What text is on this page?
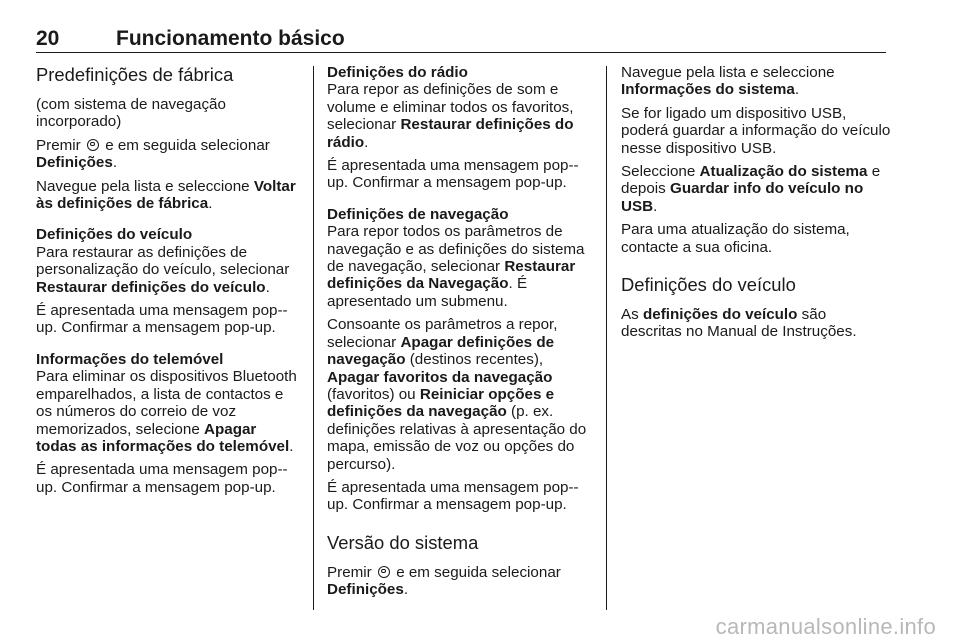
20	Funcionamento básico

Predefinições de fábrica

(com sistema de navegação incorporado)

Premir e em seguida selecionar Definições.

Navegue pela lista e seleccione Voltar às definições de fábrica.

Definições do veículo

Para restaurar as definições de personalização do veículo, selecionar Restaurar definições do veículo.

É apresentada uma mensagem pop--up. Confirmar a mensagem pop-up.

Informações do telemóvel

Para eliminar os dispositivos Bluetooth emparelhados, a lista de contactos e os números do correio de voz memorizados, selecione Apagar todas as informações do telemóvel.

É apresentada uma mensagem pop--up. Confirmar a mensagem pop-up.

Definições do rádio

Para repor as definições de som e volume e eliminar todos os favoritos, selecionar Restaurar definições do rádio.

É apresentada uma mensagem pop--up. Confirmar a mensagem pop-up.

Definições de navegação

Para repor todos os parâmetros de navegação e as definições do sistema de navegação, selecionar Restaurar definições da Navegação. É apresentado um submenu.

Consoante os parâmetros a repor, selecionar Apagar definições de navegação (destinos recentes), Apagar favoritos da navegação (favoritos) ou Reiniciar opções e definições da navegação (p. ex. definições relativas à apresentação do mapa, emissão de voz ou opções do percurso).

É apresentada uma mensagem pop--up. Confirmar a mensagem pop-up.

Versão do sistema

Premir e em seguida selecionar Definições.

Navegue pela lista e seleccione Informações do sistema.

Se for ligado um dispositivo USB, poderá guardar a informação do veículo nesse dispositivo USB.

Seleccione Atualização do sistema e depois Guardar info do veículo no USB.

Para uma atualização do sistema, contacte a sua oficina.

Definições do veículo

As definições do veículo são descritas no Manual de Instruções.

carmanualsonline.info
